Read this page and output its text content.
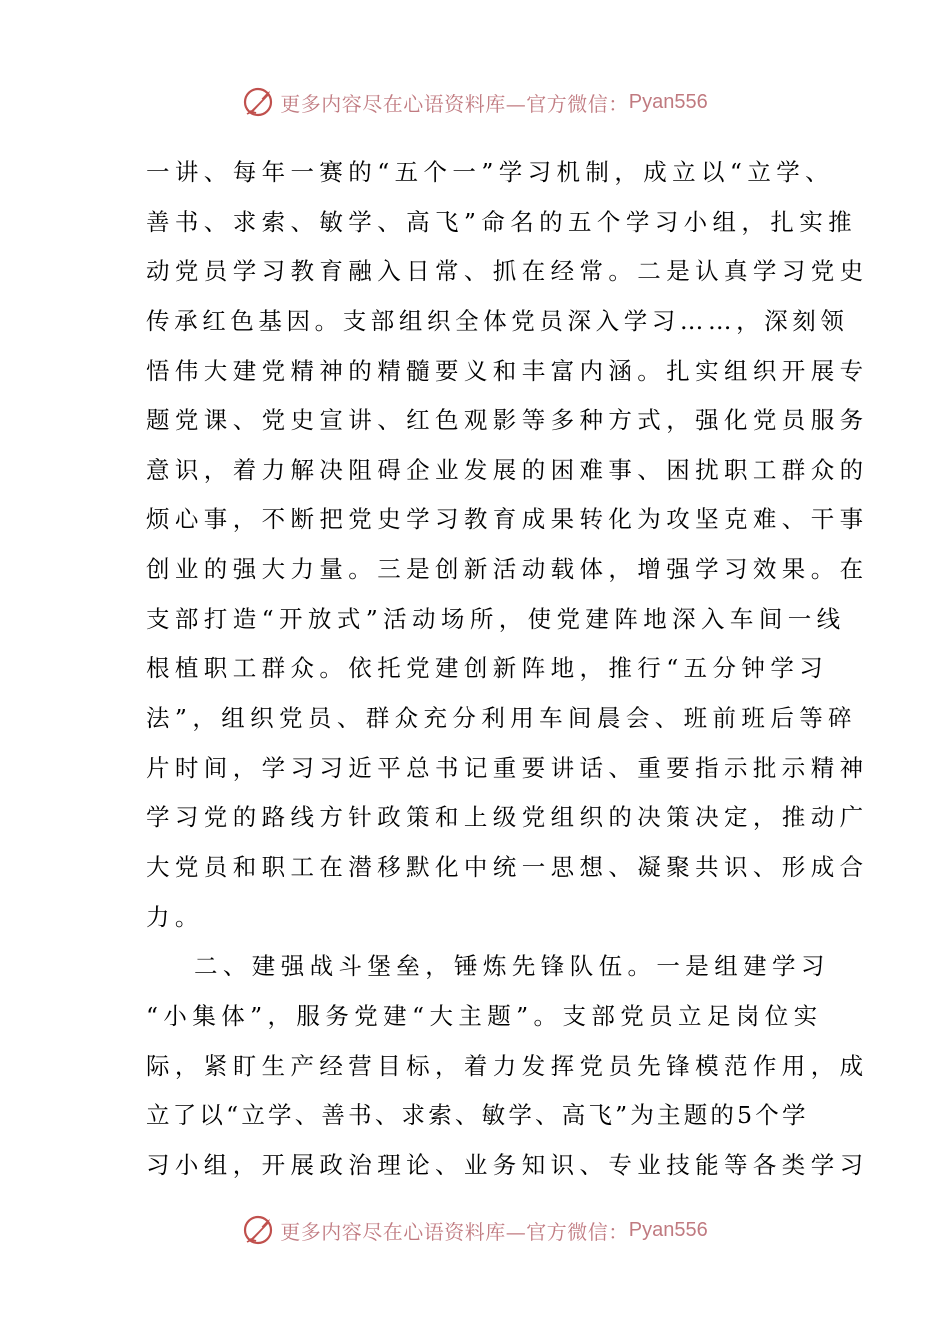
更多内容尽在心语资料库—官方微信： Pyan556
一讲、每年一赛的“五个一”学习机制，成立以“立学、
善书、求索、敏学、高飞”命名的五个学习小组，扎实推
动党员学习教育融入日常、抓在经常。二是认真学习党史
传承红色基因。支部组织全体党员深入学习……，深刻领
悟伟大建党精神的精髓要义和丰富内涵。扎实组织开展专
题党课、党史宣讲、红色观影等多种方式，强化党员服务
意识，着力解决阻碍企业发展的困难事、困扰职工群众的
烦心事，不断把党史学习教育成果转化为攻坚克难、干事
创业的强大力量。三是创新活动载体，增强学习效果。在
支部打造“开放式”活动场所，使党建阵地深入车间一线
根植职工群众。依托党建创新阵地，推行“五分钟学习
法”，组织党员、群众充分利用车间晨会、班前班后等碎
片时间，学习习近平总书记重要讲话、重要指示批示精神
学习党的路线方针政策和上级党组织的决策决定，推动广
大党员和职工在潜移默化中统一思想、凝聚共识、形成合
力。
二、建强战斗堡垒，锤炼先锋队伍。一是组建学习
“小集体”，服务党建“大主题”。支部党员立足岗位实
际，紧盯生产经营目标，着力发挥党员先锋模范作用，成
立了以“立学、善书、求索、敏学、高飞”为主题的5个学
习小组，开展政治理论、业务知识、专业技能等各类学习
更多内容尽在心语资料库—官方微信： Pyan556
